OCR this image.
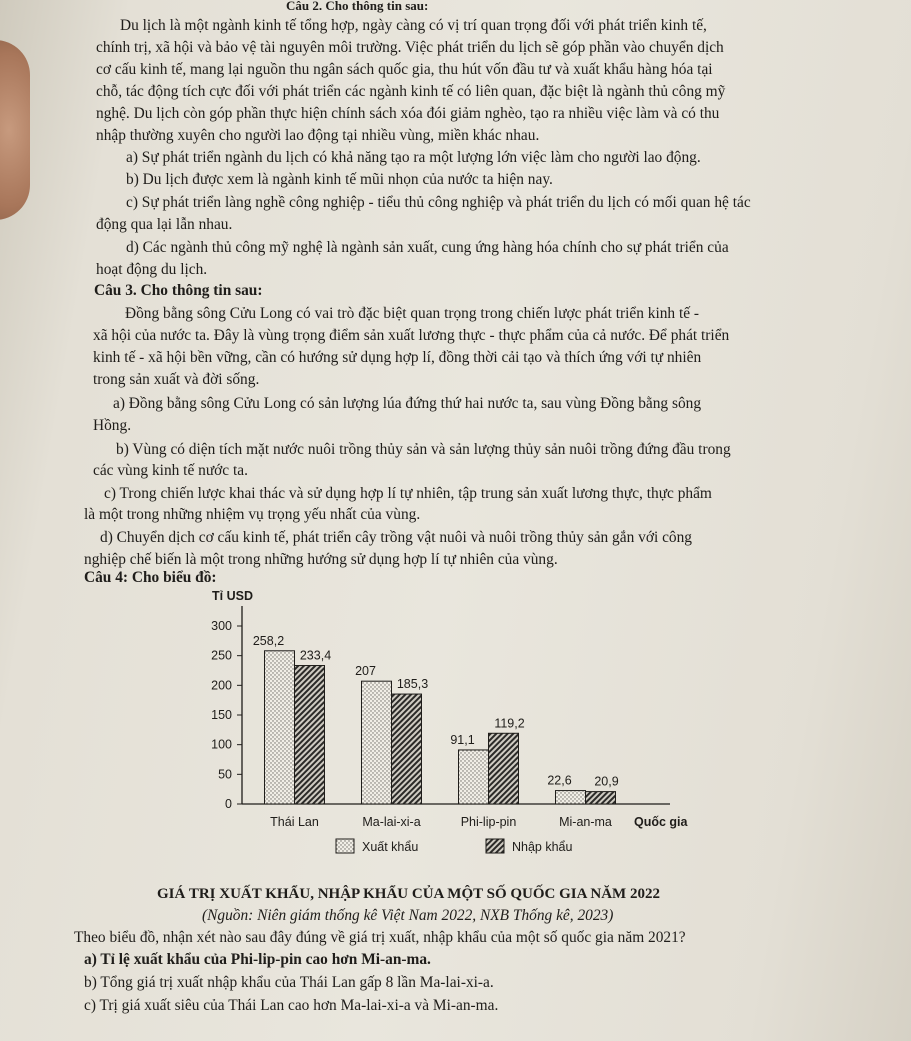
Câu 2. Cho thông tin sau:
Du lịch là một ngành kinh tế tổng hợp, ngày càng có vị trí quan trọng đối với phát triển kinh tế,
chính trị, xã hội và bảo vệ tài nguyên môi trường. Việc phát triển du lịch sẽ góp phần vào chuyển dịch
cơ cấu kinh tế, mang lại nguồn thu ngân sách quốc gia, thu hút vốn đầu tư và xuất khẩu hàng hóa tại
chỗ, tác động tích cực đối với phát triển các ngành kinh tế có liên quan, đặc biệt là ngành thủ công mỹ
nghệ. Du lịch còn góp phần thực hiện chính sách xóa đói giảm nghèo, tạo ra nhiều việc làm và có thu
nhập thường xuyên cho người lao động tại nhiều vùng, miền khác nhau.
a) Sự phát triển ngành du lịch có khả năng tạo ra một lượng lớn việc làm cho người lao động.
b) Du lịch được xem là ngành kinh tế mũi nhọn của nước ta hiện nay.
c) Sự phát triển làng nghề công nghiệp - tiểu thủ công nghiệp và phát triển du lịch có mối quan hệ tác
động qua lại lẫn nhau.
d) Các ngành thủ công mỹ nghệ là ngành sản xuất, cung ứng hàng hóa chính cho sự phát triển của
hoạt động du lịch.
Câu 3. Cho thông tin sau:
Đồng bằng sông Cửu Long có vai trò đặc biệt quan trọng trong chiến lược phát triển kinh tế -
xã hội của nước ta. Đây là vùng trọng điểm sản xuất lương thực - thực phẩm của cả nước. Để phát triển
kinh tế - xã hội bền vững, cần có hướng sử dụng hợp lí, đồng thời cải tạo và thích ứng với tự nhiên
trong sản xuất và đời sống.
a) Đồng bằng sông Cửu Long có sản lượng lúa đứng thứ hai nước ta, sau vùng Đồng bằng sông
Hồng.
b) Vùng có diện tích mặt nước nuôi trồng thủy sản và sản lượng thủy sản nuôi trồng đứng đầu trong
các vùng kinh tế nước ta.
c) Trong chiến lược khai thác và sử dụng hợp lí tự nhiên, tập trung sản xuất lương thực, thực phẩm
là một trong những nhiệm vụ trọng yếu nhất của vùng.
d) Chuyển dịch cơ cấu kinh tế, phát triển cây trồng vật nuôi và nuôi trồng thủy sản gắn với công
nghiệp chế biến là một trong những hướng sử dụng hợp lí tự nhiên của vùng.
Câu 4: Cho biểu đồ:
Tỉ USD
0
50
100
150
200
250
300
258,2
233,4
Thái Lan
207
185,3
Ma-lai-xi-a
91,1
119,2
Phi-lip-pin
22,6 20,9
Mi-an-ma Quốc gia
Xuất khẩu	Nhập khẩu
GIÁ TRỊ XUẤT KHẨU, NHẬP KHẨU CỦA MỘT SỐ QUỐC GIA NĂM 2022
(Nguồn: Niên giám thống kê Việt Nam 2022, NXB Thống kê, 2023)
Theo biểu đồ, nhận xét nào sau đây đúng về giá trị xuất, nhập khẩu của một số quốc gia năm 2021?
a) Tỉ lệ xuất khẩu của Phi-lip-pin cao hơn Mi-an-ma.
b) Tổng giá trị xuất nhập khẩu của Thái Lan gấp 8 lần Ma-lai-xi-a.
c) Trị giá xuất siêu của Thái Lan cao hơn Ma-lai-xi-a và Mi-an-ma.
